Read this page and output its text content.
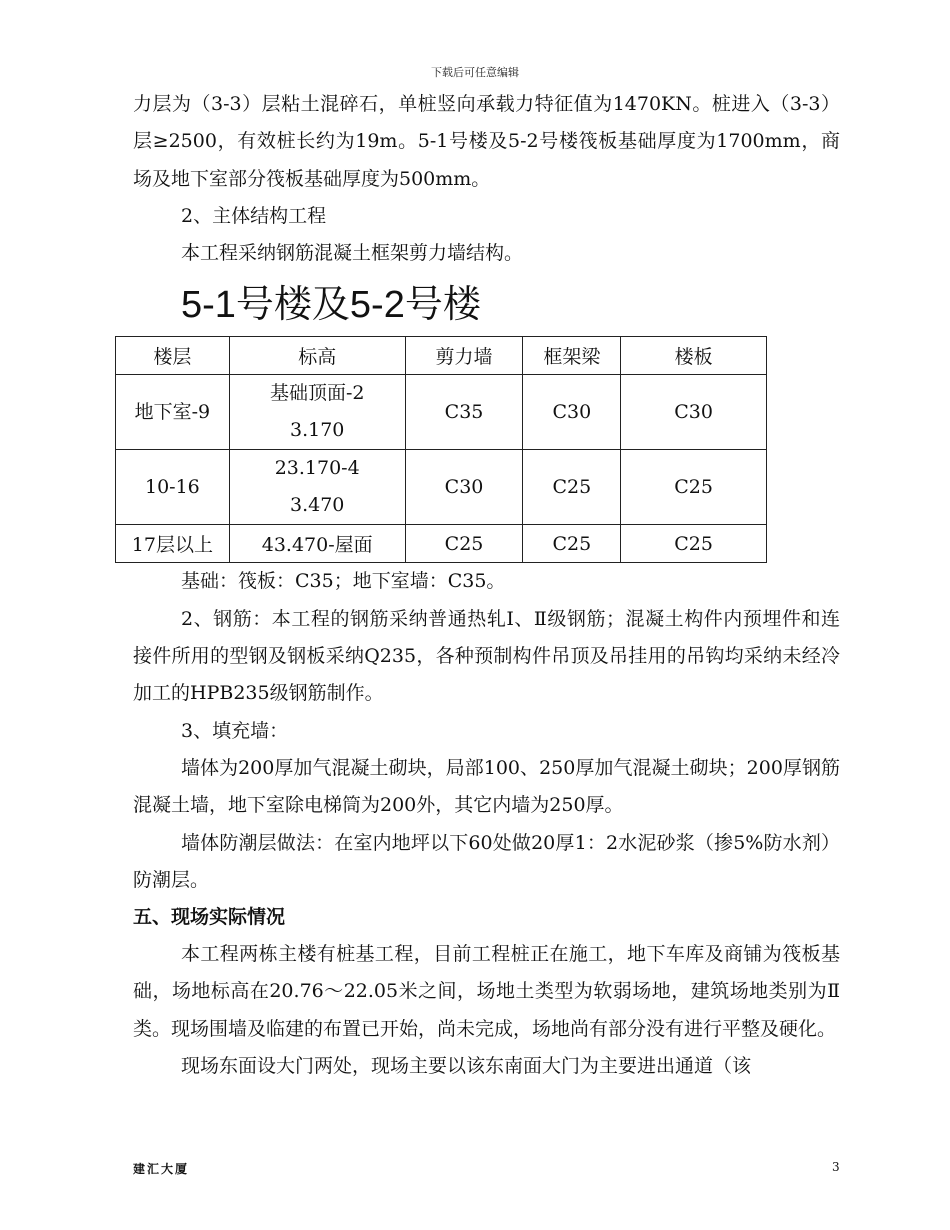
下载后可任意编辑

力层为（3-3）层粘土混碎石，单桩竖向承载力特征值为1470KN。桩进入（3-3）层≥2500，有效桩长约为19m。5-1号楼及5-2号楼筏板基础厚度为1700mm，商场及地下室部分筏板基础厚度为500mm。

2、主体结构工程

本工程采纳钢筋混凝土框架剪力墙结构。

5-1号楼及5-2号楼
楼层	标高	剪力墙	框架梁	楼板
地下室-9	基础顶面-23.170	C35	C30	C30
10-16	23.170-43.470	C30	C25	C25
17层以上	43.470-屋面	C25	C25	C25

基础：筏板：C35；地下室墙：C35。

2、钢筋：本工程的钢筋采纳普通热轧Ⅰ、Ⅱ级钢筋；混凝土构件内预埋件和连接件所用的型钢及钢板采纳Q235，各种预制构件吊顶及吊挂用的吊钩均采纳未经冷加工的HPB235级钢筋制作。

3、填充墙：

墙体为200厚加气混凝土砌块，局部100、250厚加气混凝土砌块；200厚钢筋混凝土墙，地下室除电梯筒为200外，其它内墙为250厚。

墙体防潮层做法：在室内地坪以下60处做20厚1：2水泥砂浆（掺5%防水剂）防潮层。

五、现场实际情况

本工程两栋主楼有桩基工程，目前工程桩正在施工，地下车库及商铺为筏板基础，场地标高在20.76～22.05米之间，场地土类型为软弱场地，建筑场地类别为Ⅱ类。现场围墙及临建的布置已开始，尚未完成，场地尚有部分没有进行平整及硬化。

现场东面设大门两处，现场主要以该东南面大门为主要进出通道（该

建汇大厦	3
